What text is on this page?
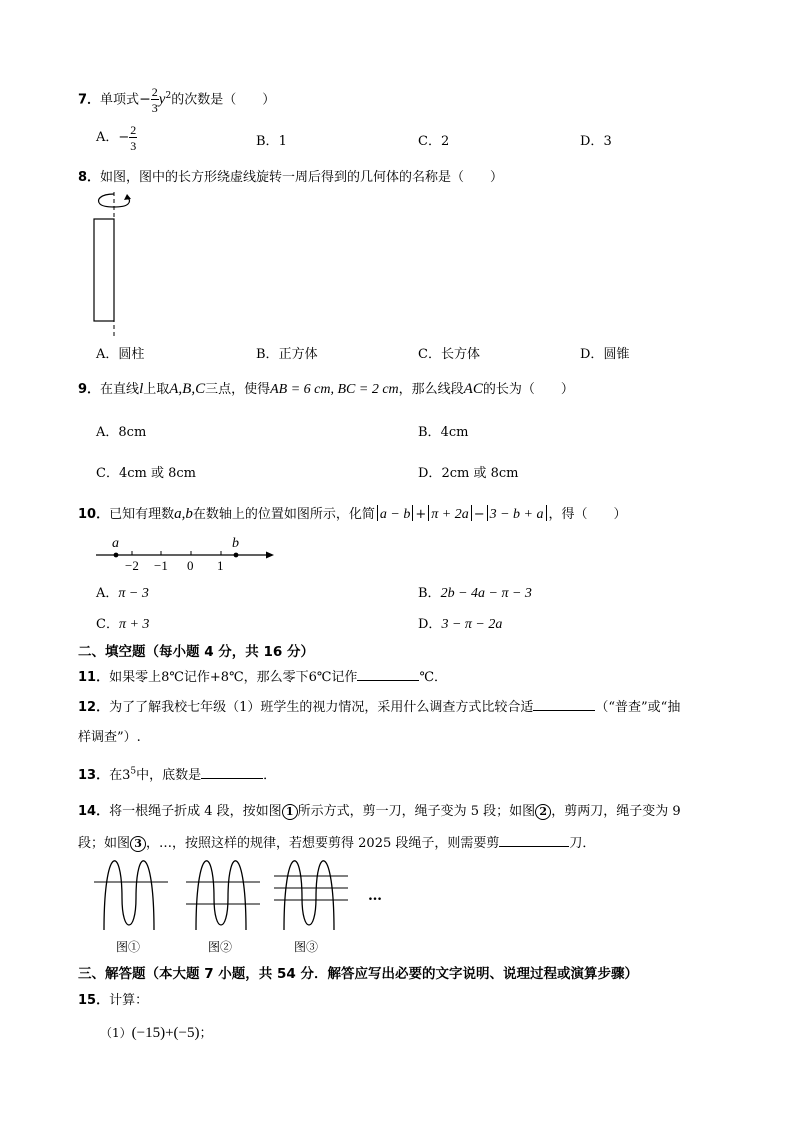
7．单项式− $\frac{2}{3} y^2$的次数是（　　）
A．− $\frac{2}{3}$	B．1	C．2	D．3
8．如图，图中的长方形绕虚线旋转一周后得到的几何体的名称是（　　）
A．圆柱	B．正方体	C．长方体	D．圆锥
9．在直线l上取A,B,C三点，使得AB = 6 cm, BC = 2 cm，那么线段AC的长为（　　）
A．8cm	B．4cm
C．4cm 或 8cm	D．2cm 或 8cm
10．已知有理数a,b在数轴上的位置如图所示，化简 a − b + π + 2a − 3 − b + a ，得（　　）
a	b
−2 −1 0 1
A．π − 3	B．2b − 4a − π − 3
C．π + 3	D．3 − π − 2a
二、填空题（每小题 4 分，共 16 分）
11．如果零上8℃记作+8℃，那么零下6℃记作	℃．
12．为了了解我校七年级（1）班学生的视力情况，采用什么调查方式比较合适	（“普查”或“抽
样调查”）.
13．在$3^5$中，底数是	．
14．将一根绳子折成 4 段，按如图 1 所示方式，剪一刀，绳子变为 5 段；如图 2 ，剪两刀，绳子变为 9
段；如图 3 ，…，按照这样的规律，若想要剪得 2025 段绳子，则需要剪	刀．
…
图①	图②	图③
三、解答题（本大题 7 小题，共 54 分．解答应写出必要的文字说明、说理过程或演算步骤）
15．计算：
（1）(−15)+(−5)；
